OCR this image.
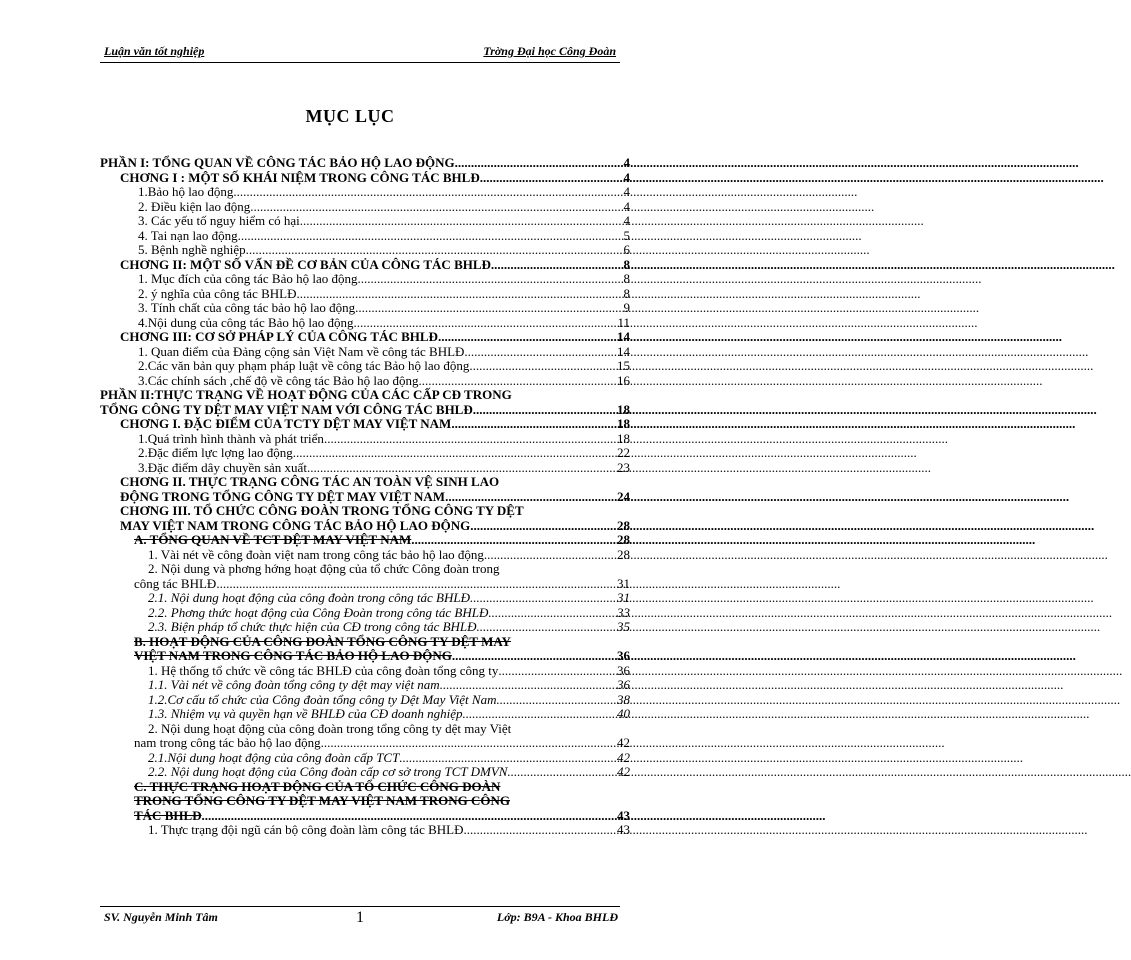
Luận văn tốt nghiệp	Trờng Đại học Công Đoàn
MỤC LỤC
PHẦN I: TỔNG QUAN VỀ CÔNG TÁC BẢO HỘ LAO ĐỘNG .....	4
CHƠNG I : MỘT SỐ KHÁI NIỆM TRONG CÔNG TÁC BHLĐ .....	4
1.Bảo hộ lao động .....	4
2. Điều kiện lao động .....	4
3. Các yếu tố nguy hiểm có hại .....	4
4. Tai nạn lao động .....	5
5. Bệnh nghề nghiệp .....	6
CHƠNG II: MỘT SỐ VẤN ĐỀ CƠ BẢN CỦA CÔNG TÁC BHLĐ .....	8
1. Mục đích của công tác Bảo hộ lao động .....	8
2. ý nghĩa của công tác BHLĐ .....	8
3. Tính chất của công tác bảo hộ lao động .....	9
4.Nội dung của công tác Bảo hộ lao động .....	11
CHƠNG III: CƠ SỞ PHÁP LÝ CỦA CÔNG TÁC BHLĐ .....	14
1. Quan điểm của Đảng cộng sản Việt Nam về công tác BHLĐ .....	14
2.Các văn bản quy phạm pháp luật về công tác Bảo hộ lao động .....	15
3.Các chính sách ,chế độ về công tác Bảo hộ lao động .....	16
PHẦN II:THỰC TRẠNG VỀ HOẠT ĐỘNG CỦA CÁC CẤP CĐ TRONG
TỔNG CÔNG TY DỆT MAY VIỆT NAM VỚI CÔNG TÁC BHLĐ .....	18
CHƠNG I. ĐẶC ĐIỂM CỦA TCTY DỆT MAY VIỆT NAM .....	18
1.Quá trình hình thành và phát triển .....	18
2.Đặc điểm lực lợng lao động .....	22
3.Đặc điểm dây chuyền sản xuất .....	23
CHƠNG II. THỰC TRẠNG CÔNG TÁC AN TOÀN VỆ SINH LAO
ĐỘNG TRONG TỔNG CÔNG TY DỆT MAY VIỆT NAM .....	24
CHƠNG III. TỔ CHỨC CÔNG ĐOÀN TRONG TỔNG CÔNG TY DỆT
MAY VIỆT NAM TRONG CÔNG TÁC BẢO HỘ LAO ĐỘNG .....	28
A. TỔNG QUAN VỀ TCT DỆT MAY VIỆT NAM .....	28
1. Vài nét về công đoàn việt nam trong công tác bảo hộ lao động .....	28
2. Nội dung và phơng hớng hoạt động của tổ chức Công đoàn trong
công tác BHLĐ .....	31
2.1. Nội dung hoạt động của công đoàn trong công tác BHLĐ .....	31
2.2. Phơng thức hoạt động của Công Đoàn trong công tác BHLĐ .....	33
2.3. Biện pháp tổ chức thực hiện của CĐ trong công tác BHLĐ .....	35
B. HOẠT ĐỘNG CỦA CÔNG ĐOÀN TỔNG CÔNG TY DỆT MAY
VIỆT NAM TRONG CÔNG TÁC BẢO HỘ LAO ĐỘNG .....	36
1. Hệ thống tổ chức về công tác BHLĐ của công đoàn tổng công ty .....	36
1.1. Vài nét về công đoàn tổng công ty dệt may việt nam .....	36
1.2.Cơ cấu tổ chức của Công đoàn tổng công ty Dệt May Việt Nam .....	38
1.3. Nhiệm vụ và quyền hạn về BHLĐ của CĐ doanh nghiệp. .....	40
2. Nội dung hoạt động của công đoàn trong tổng công ty dệt may Việt
nam trong công tác bảo hộ lao động .....	42
2.1.Nội dung hoạt động của công đoàn cấp TCT .....	42
2.2. Nội dung hoạt động của Công đoàn cấp cơ sở trong TCT DMVN .....	42
C. THỰC TRẠNG HOẠT ĐỘNG CỦA TỔ CHỨC CÔNG ĐOÀN
TRONG TỔNG CÔNG TY DỆT MAY VIỆT NAM TRONG CÔNG
TÁC BHLĐ .....	43
1. Thực trạng đội ngũ cán bộ công đoàn làm công tác BHLĐ .....	43
SV. Nguyễn Minh Tâm	1	Lớp: B9A - Khoa BHLĐ
